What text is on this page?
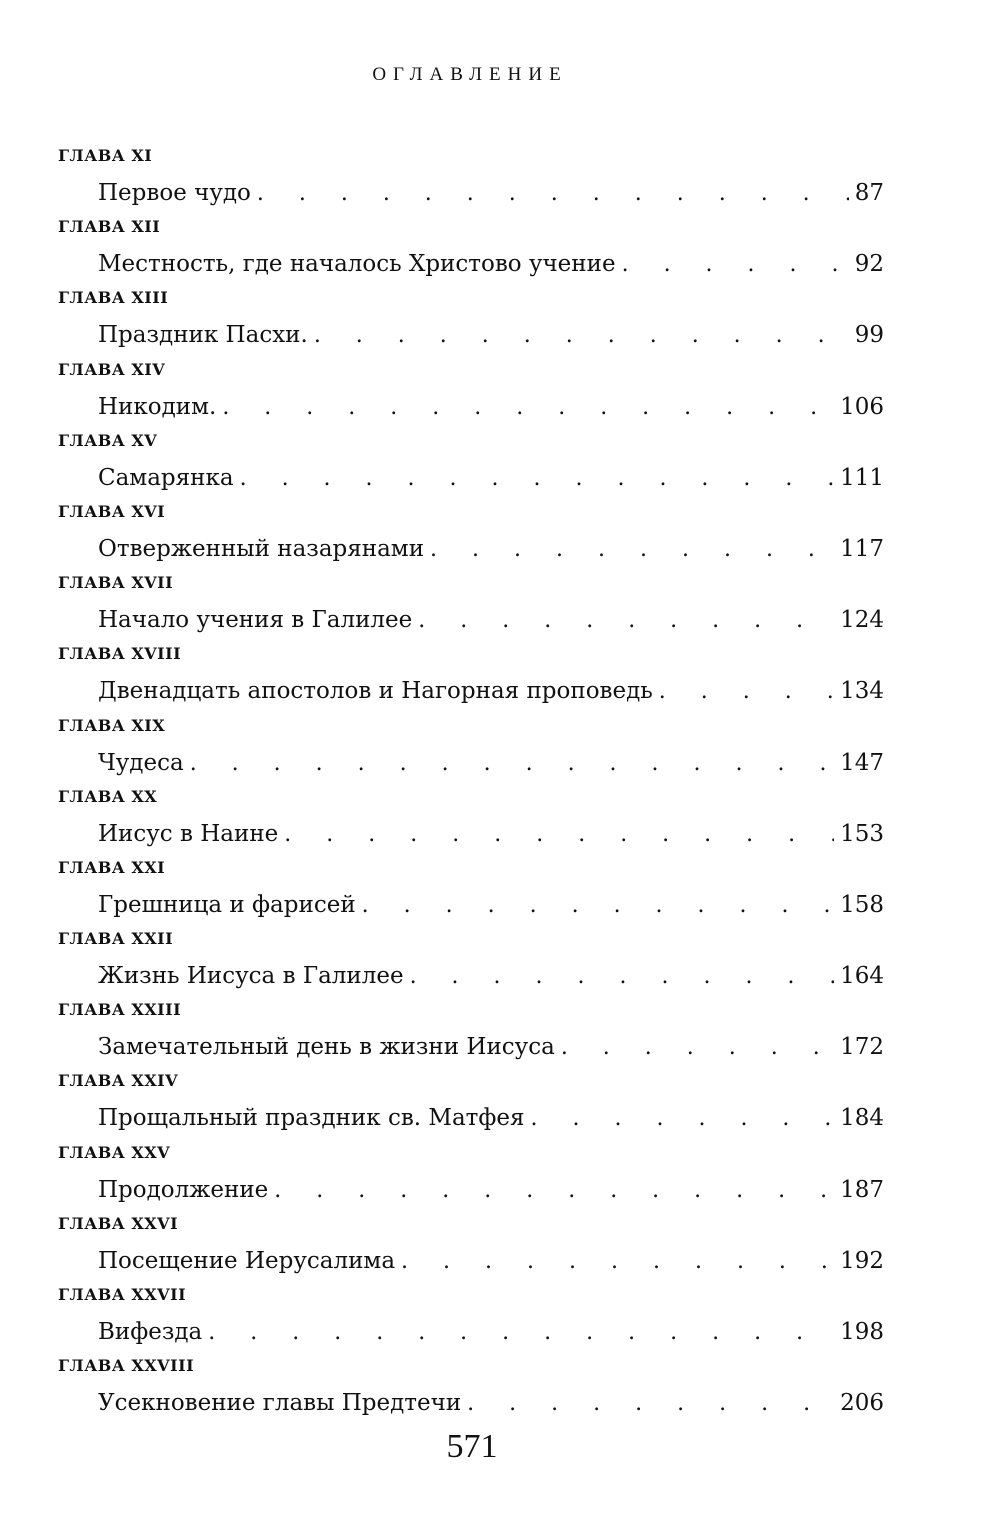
ОГЛАВЛЕНИЕ
ГЛАВА XI
Первое чудо . . .	87
ГЛАВА XII
Местность, где началось Христово учение . . .	92
ГЛАВА XIII
Праздник Пасхи. . . .	99
ГЛАВА XIV
Никодим. . . .	106
ГЛАВА XV
Самарянка . . .	111
ГЛАВА XVI
Отверженный назарянами . . .	117
ГЛАВА XVII
Начало учения в Галилее . . .	124
ГЛАВА XVIII
Двенадцать апостолов и Нагорная проповедь . . .	134
ГЛАВА XIX
Чудеса . . .	147
ГЛАВА XX
Иисус в Наине . . .	153
ГЛАВА XXI
Грешница и фарисей . . .	158
ГЛАВА XXII
Жизнь Иисуса в Галилее . . .	164
ГЛАВА XXIII
Замечательный день в жизни Иисуса . . .	172
ГЛАВА XXIV
Прощальный праздник св. Матфея . . .	184
ГЛАВА XXV
Продолжение . . .	187
ГЛАВА XXVI
Посещение Иерусалима . . .	192
ГЛАВА XXVII
Вифезда . . .	198
ГЛАВА XXVIII
Усекновение главы Предтечи . . .	206
571
